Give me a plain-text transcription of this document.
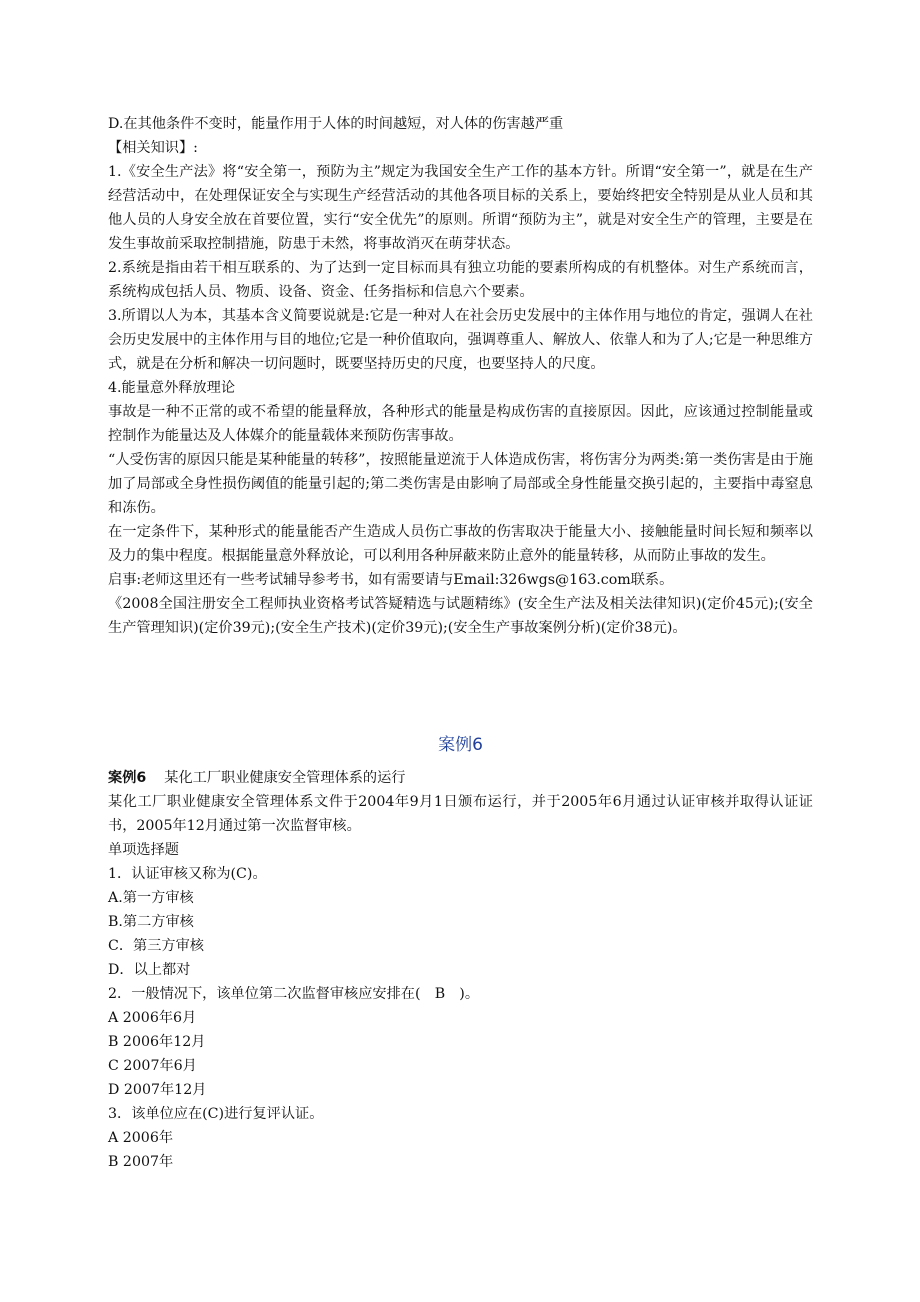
D.在其他条件不变时，能量作用于人体的时间越短，对人体的伤害越严重

【相关知识】:

1.《安全生产法》将“安全第一，预防为主”规定为我国安全生产工作的基本方针。所谓“安全第一”，就是在生产经营活动中，在处理保证安全与实现生产经营活动的其他各项目标的关系上，要始终把安全特别是从业人员和其他人员的人身安全放在首要位置，实行“安全优先”的原则。所谓“预防为主”，就是对安全生产的管理，主要是在发生事故前采取控制措施，防患于未然，将事故消灭在萌芽状态。

2.系统是指由若干相互联系的、为了达到一定目标而具有独立功能的要素所构成的有机整体。对生产系统而言，系统构成包括人员、物质、设备、资金、任务指标和信息六个要素。

3.所谓以人为本，其基本含义简要说就是:它是一种对人在社会历史发展中的主体作用与地位的肯定，强调人在社会历史发展中的主体作用与目的地位;它是一种价值取向，强调尊重人、解放人、依靠人和为了人;它是一种思维方式，就是在分析和解决一切问题时，既要坚持历史的尺度，也要坚持人的尺度。

4.能量意外释放理论

事故是一种不正常的或不希望的能量释放，各种形式的能量是构成伤害的直接原因。因此，应该通过控制能量或控制作为能量达及人体媒介的能量载体来预防伤害事故。

“人受伤害的原因只能是某种能量的转移”，按照能量逆流于人体造成伤害，将伤害分为两类:第一类伤害是由于施加了局部或全身性损伤阈值的能量引起的;第二类伤害是由影响了局部或全身性能量交换引起的，主要指中毒窒息和冻伤。

在一定条件下，某种形式的能量能否产生造成人员伤亡事故的伤害取决于能量大小、接触能量时间长短和频率以及力的集中程度。根据能量意外释放论，可以利用各种屏蔽来防止意外的能量转移，从而防止事故的发生。

启事:老师这里还有一些考试辅导参考书，如有需要请与Email:326wgs@163.com联系。

《2008全国注册安全工程师执业资格考试答疑精选与试题精练》(安全生产法及相关法律知识)(定价45元);(安全生产管理知识)(定价39元);(安全生产技术)(定价39元);(安全生产事故案例分析)(定价38元)。

案例6

案例6 某化工厂职业健康安全管理体系的运行

某化工厂职业健康安全管理体系文件于2004年9月1日颁布运行，并于2005年6月通过认证审核并取得认证证书，2005年12月通过第一次监督审核。

单项选择题

1．认证审核又称为(C)。

A.第一方审核

B.第二方审核

C．第三方审核

D．以上都对

2．一般情况下，该单位第二次监督审核应安排在(　B　)。

A 2006年6月

B 2006年12月

C 2007年6月

D 2007年12月

3．该单位应在(C)进行复评认证。

A 2006年

B 2007年
